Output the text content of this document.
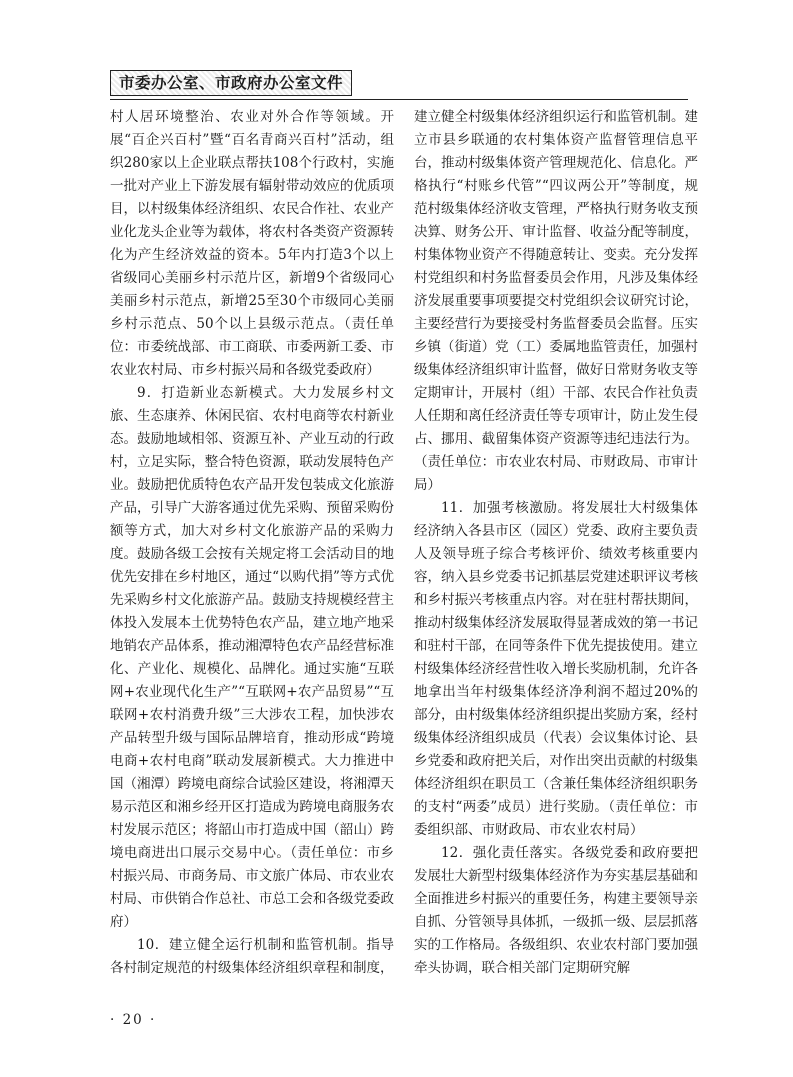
市委办公室、市政府办公室文件

村人居环境整治、农业对外合作等领域。开展“百企兴百村”暨“百名青商兴百村”活动，组织280家以上企业联点帮扶108个行政村，实施一批对产业上下游发展有辐射带动效应的优质项目，以村级集体经济组织、农民合作社、农业产业化龙头企业等为载体，将农村各类资产资源转化为产生经济效益的资本。5年内打造3个以上省级同心美丽乡村示范片区，新增9个省级同心美丽乡村示范点，新增25至30个市级同心美丽乡村示范点、50个以上县级示范点。（责任单位：市委统战部、市工商联、市委两新工委、市农业农村局、市乡村振兴局和各级党委政府）

9．打造新业态新模式。大力发展乡村文旅、生态康养、休闲民宿、农村电商等农村新业态。鼓励地域相邻、资源互补、产业互动的行政村，立足实际，整合特色资源，联动发展特色产业。鼓励把优质特色农产品开发包装成文化旅游产品，引导广大游客通过优先采购、预留采购份额等方式，加大对乡村文化旅游产品的采购力度。鼓励各级工会按有关规定将工会活动目的地优先安排在乡村地区，通过“以购代捐”等方式优先采购乡村文化旅游产品。鼓励支持规模经营主体投入发展本土优势特色农产品，建立地产地采地销农产品体系，推动湘潭特色农产品经营标准化、产业化、规模化、品牌化。通过实施“互联网+农业现代化生产”“互联网+农产品贸易”“互联网+农村消费升级”三大涉农工程，加快涉农产品转型升级与国际品牌培育，推动形成“跨境电商+农村电商”联动发展新模式。大力推进中国（湘潭）跨境电商综合试验区建设，将湘潭天易示范区和湘乡经开区打造成为跨境电商服务农村发展示范区；将韶山市打造成中国（韶山）跨境电商进出口展示交易中心。（责任单位：市乡村振兴局、市商务局、市文旅广体局、市农业农村局、市供销合作总社、市总工会和各级党委政府）

10．建立健全运行机制和监管机制。指导各村制定规范的村级集体经济组织章程和制度，

建立健全村级集体经济组织运行和监管机制。建立市县乡联通的农村集体资产监督管理信息平台，推动村级集体资产管理规范化、信息化。严格执行“村账乡代管”“四议两公开”等制度，规范村级集体经济收支管理，严格执行财务收支预决算、财务公开、审计监督、收益分配等制度，村集体物业资产不得随意转让、变卖。充分发挥村党组织和村务监督委员会作用，凡涉及集体经济发展重要事项要提交村党组织会议研究讨论，主要经营行为要接受村务监督委员会监督。压实乡镇（街道）党（工）委属地监管责任，加强村级集体经济组织审计监督，做好日常财务收支等定期审计，开展村（组）干部、农民合作社负责人任期和离任经济责任等专项审计，防止发生侵占、挪用、截留集体资产资源等违纪违法行为。（责任单位：市农业农村局、市财政局、市审计局）

11．加强考核激励。将发展壮大村级集体经济纳入各县市区（园区）党委、政府主要负责人及领导班子综合考核评价、绩效考核重要内容，纳入县乡党委书记抓基层党建述职评议考核和乡村振兴考核重点内容。对在驻村帮扶期间，推动村级集体经济发展取得显著成效的第一书记和驻村干部，在同等条件下优先提拔使用。建立村级集体经济经营性收入增长奖励机制，允许各地拿出当年村级集体经济净利润不超过20%的部分，由村级集体经济组织提出奖励方案，经村级集体经济组织成员（代表）会议集体讨论、县乡党委和政府把关后，对作出突出贡献的村级集体经济组织在职员工（含兼任集体经济组织职务的支村“两委”成员）进行奖励。（责任单位：市委组织部、市财政局、市农业农村局）

12．强化责任落实。各级党委和政府要把发展壮大新型村级集体经济作为夯实基层基础和全面推进乡村振兴的重要任务，构建主要领导亲自抓、分管领导具体抓，一级抓一级、层层抓落实的工作格局。各级组织、农业农村部门要加强牵头协调，联合相关部门定期研究解

· 20 ·
